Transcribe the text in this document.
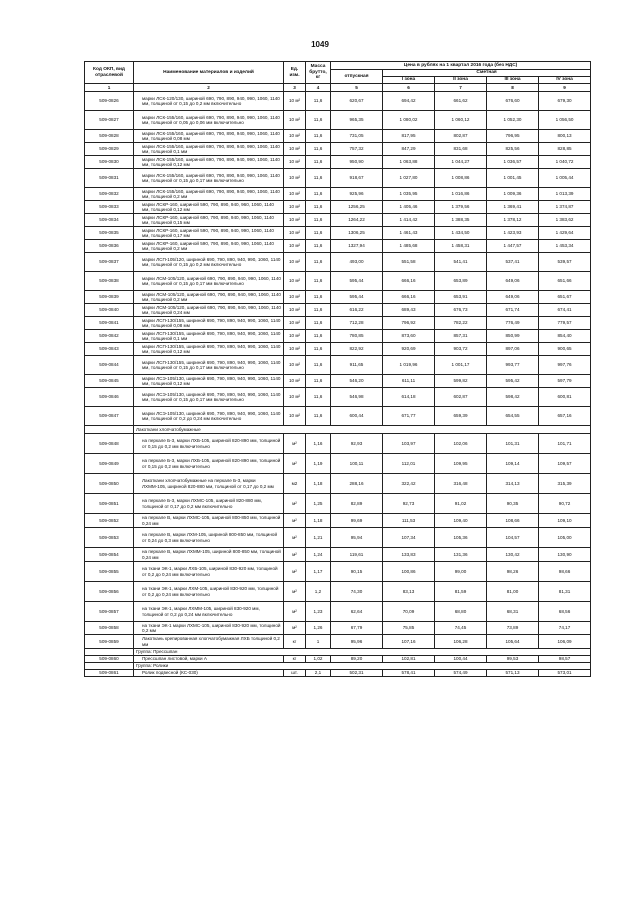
1049
Код ОКП, вид отраслевой	Наименование материалов и изделий	Ед. изм.	Масса брутто, кг	Цена в рублях на 1 квартал 2016 года (без НДС)				
				отпускная	Сметная			
					I зона	II зона	III зона	IV зона
1	2	3	4	5	6	7	8	9
509-0826	марки ЛСК-120/130, шириной 690, 790, 890, 940, 990, 1060, 1140 мм, толщиной от 0,15 до 0,2 мм включительно	10 м²	11,6	620,67	694,42	661,62	676,60	679,30
509-0827	марки ЛСК-155/160, шириной 690, 790, 890, 940, 990, 1060, 1140 мм, толщиной от 0,05 до 0,06 мм включительно	10 м²	11,6	965,35	1 080,02	1 060,12	1 052,30	1 056,50
509-0828	марки ЛСК-155/160, шириной 690, 790, 890, 940, 990, 1060, 1140 мм, толщиной 0,08 мм	10 м²	11,6	731,05	817,95	802,87	796,95	800,13
509-0829	марки ЛСК-155/160, шириной 690, 790, 890, 940, 990, 1060, 1140 мм, толщиной 0,1 мм	10 м²	11,6	757,32	847,29	831,68	825,56	828,85
509-0830	марки ЛСК-155/160, шириной 690, 790, 890, 940, 990, 1060, 1140 мм, толщиной 0,12 мм	10 м²	11,6	950,90	1 063,88	1 044,27	1 036,57	1 040,72
509-0831	марки ЛСК-155/160, шириной 690, 790, 890, 940, 990, 1060, 1140 мм, толщиной от 0,15 до 0,17 мм включительно	10 м²	11,6	918,67	1 027,80	1 008,86	1 001,45	1 005,44
509-0832	марки ЛСК-155/160, шириной 690, 790, 890, 940, 990, 1060, 1140 мм, толщиной 0,2 мм	10 м²	11,6	925,96	1 035,95	1 016,86	1 009,36	1 013,39
509-0833	марки ЛСКР-160, шириной 590, 790, 890, 940, 960, 1060, 1140 мм, толщиной 0,12 мм	10 м²	11,6	1256,25	1 405,46	1 379,56	1 369,41	1 374,87
509-0834	марки ЛСКР-160, шириной 690, 790, 890, 940, 990, 1060, 1140 мм, толщиной 0,15 мм	10 м²	11,6	1264,22	1 414,42	1 388,35	1 378,12	1 383,62
509-0835	марки ЛСКР-160, шириной 590, 790, 890, 940, 990, 1060, 1140 мм, толщиной 0,17 мм	10 м²	11,6	1306,25	1 461,43	1 434,50	1 423,93	1 429,64
509-0836	марки ЛСКР-160, шириной 590, 790, 890, 940, 990, 1060, 1140 мм, толщиной 0,2 мм	10 м²	11,6	1327,94	1 485,68	1 458,31	1 447,57	1 453,34
509-0837	марки ЛСП-105/120, шириной 690, 790, 890, 940, 990, 1060, 1140 мм, толщиной от 0,15 до 0,2 мм включительно	10 м²	11,6	493,00	551,58	541,41	537,41	539,57
509-0838	марки ЛСМ-105/120, шириной 690, 790, 890, 940, 990, 1060, 1140 мм, толщиной от 0,15 до 0,17 мм включительно	10 м²	11,6	595,44	666,16	653,89	649,06	651,66
509-0839	марки ЛСМ-105/120, шириной 690, 790, 890, 940, 990, 1060, 1140 мм, толщиной 0,2 мм	10 м²	11,6	595,44	666,16	653,91	649,06	651,67
509-0840	марки ЛСМ-105/120, шириной 690, 790, 890, 940, 990, 1060, 1140 мм, толщиной 0,24 мм	10 м²	11,6	616,22	689,43	676,73	671,74	674,41
509-0841	марки ЛСП-130/155, шириной 690, 790, 890, 940, 990, 1060, 1140 мм, толщиной 0,08 мм	10 м²	11,6	712,28	796,92	782,22	776,49	779,57
509-0842	марки ЛСП-130/155, шириной 690, 790, 890, 940, 990, 1060, 1140 мм, толщиной 0,1 мм	10 м²	11,6	780,85	873,60	857,31	850,99	854,40
509-0843	марки ЛСП-130/155, шириной 690, 790, 890, 940, 990, 1060, 1140 мм, толщиной 0,12 мм	10 м²	11,6	822,92	920,69	903,72	897,06	900,65
509-0844	марки ЛСП-130/155, шириной 690, 790, 890, 940, 990, 1060, 1140 мм, толщиной от 0,15 до 0,17 мм включительно	10 м²	11,6	911,65	1 019,96	1 001,17	993,77	997,76
509-0845	марки ЛСЭ-105/130, шириной 690, 790, 890, 940, 990, 1060, 1140 мм, толщиной 0,12 мм	10 м²	11,6	546,20	611,11	599,82	595,42	597,79
509-0846	марки ЛСЭ-105/130, шириной 690, 790, 890, 940, 990, 1060, 1140 мм, толщиной от 0,15 до 0,17 мм включительно	10 м²	11,6	546,98	614,18	602,87	598,42	600,81
509-0847	марки ЛСЭ-105/130, шириной 690, 790, 890, 940, 990, 1060, 1140 мм, толщиной от 0,2 до 0,24 мм включительно	10 м²	11,6	600,44	671,77	659,39	654,55	657,16
	Лакоткани хлопчатобумажные							
509-0848	на перкале Б-3, марки ЛХБ-105, шириной 820-890 мм, толщиной от 0,15 до 0,2 мм включительно	м²	1,16	92,93	103,97	102,06	101,31	101,71
509-0849	на перкале Б-3, марки ЛХБ-105, шириной 820-890 мм, толщиной от 0,15 до 0,2 мм включительно	м²	1,19	100,11	112,01	109,95	109,14	109,57
509-0850	Лакоткани хлопчатобумажные на перкале Б-3, марки ЛХММ-105, шириной 820-880 мм, толщиной от 0,17 до 0,2 мм	м2	1,18	288,16	322,42	316,48	314,13	315,39
509-0851	на перкале Б-3, марки ЛХМС-105, шириной 820-880 мм, толщиной от 0,17 до 0,2 мм включительно	м²	1,25	82,89	92,73	91,02	90,35	90,72
509-0852	на перкале В, марки ЛХМС-105, шириной 800-850 мм, толщиной 0,24 мм	м²	1,18	99,69	111,53	109,40	108,66	109,10
509-0853	на перкале В, марки ЛХМ-105, шириной 800-850 мм, толщиной от 0,24 до 0,3 мм включительно	м²	1,21	95,94	107,34	105,36	104,57	105,00
509-0854	на перкале В, марки ЛХММ-105, шириной 800-850 мм, толщиной 0,24 мм	м²	1,24	119,61	133,83	131,36	130,42	130,90
509-0855	на ткани ЭК-1, марки ЛХБ-105, шириной 830-920 мм, толщиной от 0,2 до 0,24 мм включительно	м²	1,17	90,15	100,86	99,00	98,26	98,66
509-0856	на ткани ЭК-1, марки ЛХМ-105, шириной 830-920 мм, толщиной от 0,2 до 0,24 мм включительно	м²	1,2	74,30	83,13	81,59	81,00	81,31
509-0857	на ткани ЭК-1, марки ЛХММ-105, шириной 830-920 мм, толщиной от 0,2 до 0,24 мм включительно	м²	1,23	62,64	70,09	68,80	68,31	68,56
509-0858	на ткани ЭК-1 марки ЛХМС-105, шириной 830-920 мм, толщиной 0,2 мм	м²	1,26	67,79	75,85	74,45	73,89	74,17
509-0859	Лакоткань крепированная хлопчатобумажная ЛХБ толщиной 0,2 мм	кг	1	95,96	107,16	106,28	105,64	106,09
	Группа: Прессшпан							
509-0860	Прессшпан листовой, марки А	кг	1,02	89,20	102,81	100,44	99,53	98,57
	Группа: Ролики							
509-0861	Ролик подвесной (КС-030)	шт.	2,1	502,31	578,41	574,49	571,13	573,01
